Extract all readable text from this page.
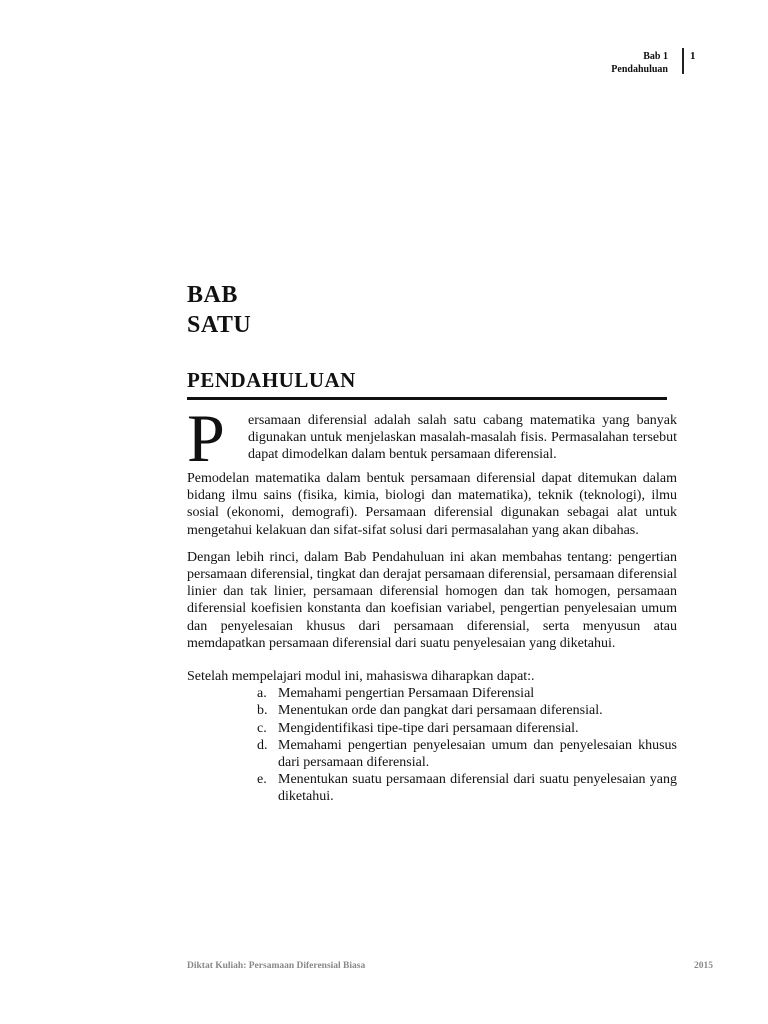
Bab 1
Pendahuluan
1
BAB
SATU
PENDAHULUAN

P ersamaan diferensial adalah salah satu cabang matematika yang banyak digunakan untuk menjelaskan masalah-masalah fisis. Permasalahan tersebut dapat dimodelkan dalam bentuk persamaan diferensial.

Pemodelan matematika dalam bentuk persamaan diferensial dapat ditemukan dalam bidang ilmu sains (fisika, kimia, biologi dan matematika), teknik (teknologi), ilmu sosial (ekonomi, demografi). Persamaan diferensial digunakan sebagai alat untuk mengetahui kelakuan dan sifat-sifat solusi dari permasalahan yang akan dibahas.

Dengan lebih rinci, dalam Bab Pendahuluan ini akan membahas tentang: pengertian persamaan diferensial, tingkat dan derajat persamaan diferensial, persamaan diferensial linier dan tak linier, persamaan diferensial homogen dan tak homogen, persamaan diferensial koefisien konstanta dan koefisian variabel, pengertian penyelesaian umum dan penyelesaian khusus dari persamaan diferensial, serta menyusun atau memdapatkan persamaan diferensial dari suatu penyelesaian yang diketahui.

Setelah mempelajari modul ini, mahasiswa diharapkan dapat:.

a. Memahami pengertian Persamaan Diferensial
b. Menentukan orde dan pangkat dari persamaan diferensial.
c. Mengidentifikasi tipe-tipe dari persamaan diferensial.
d. Memahami pengertian penyelesaian umum dan penyelesaian khusus dari persamaan diferensial.
e. Menentukan suatu persamaan diferensial dari suatu penyelesaian yang diketahui.
Diktat Kuliah: Persamaan Diferensial Biasa	2015
